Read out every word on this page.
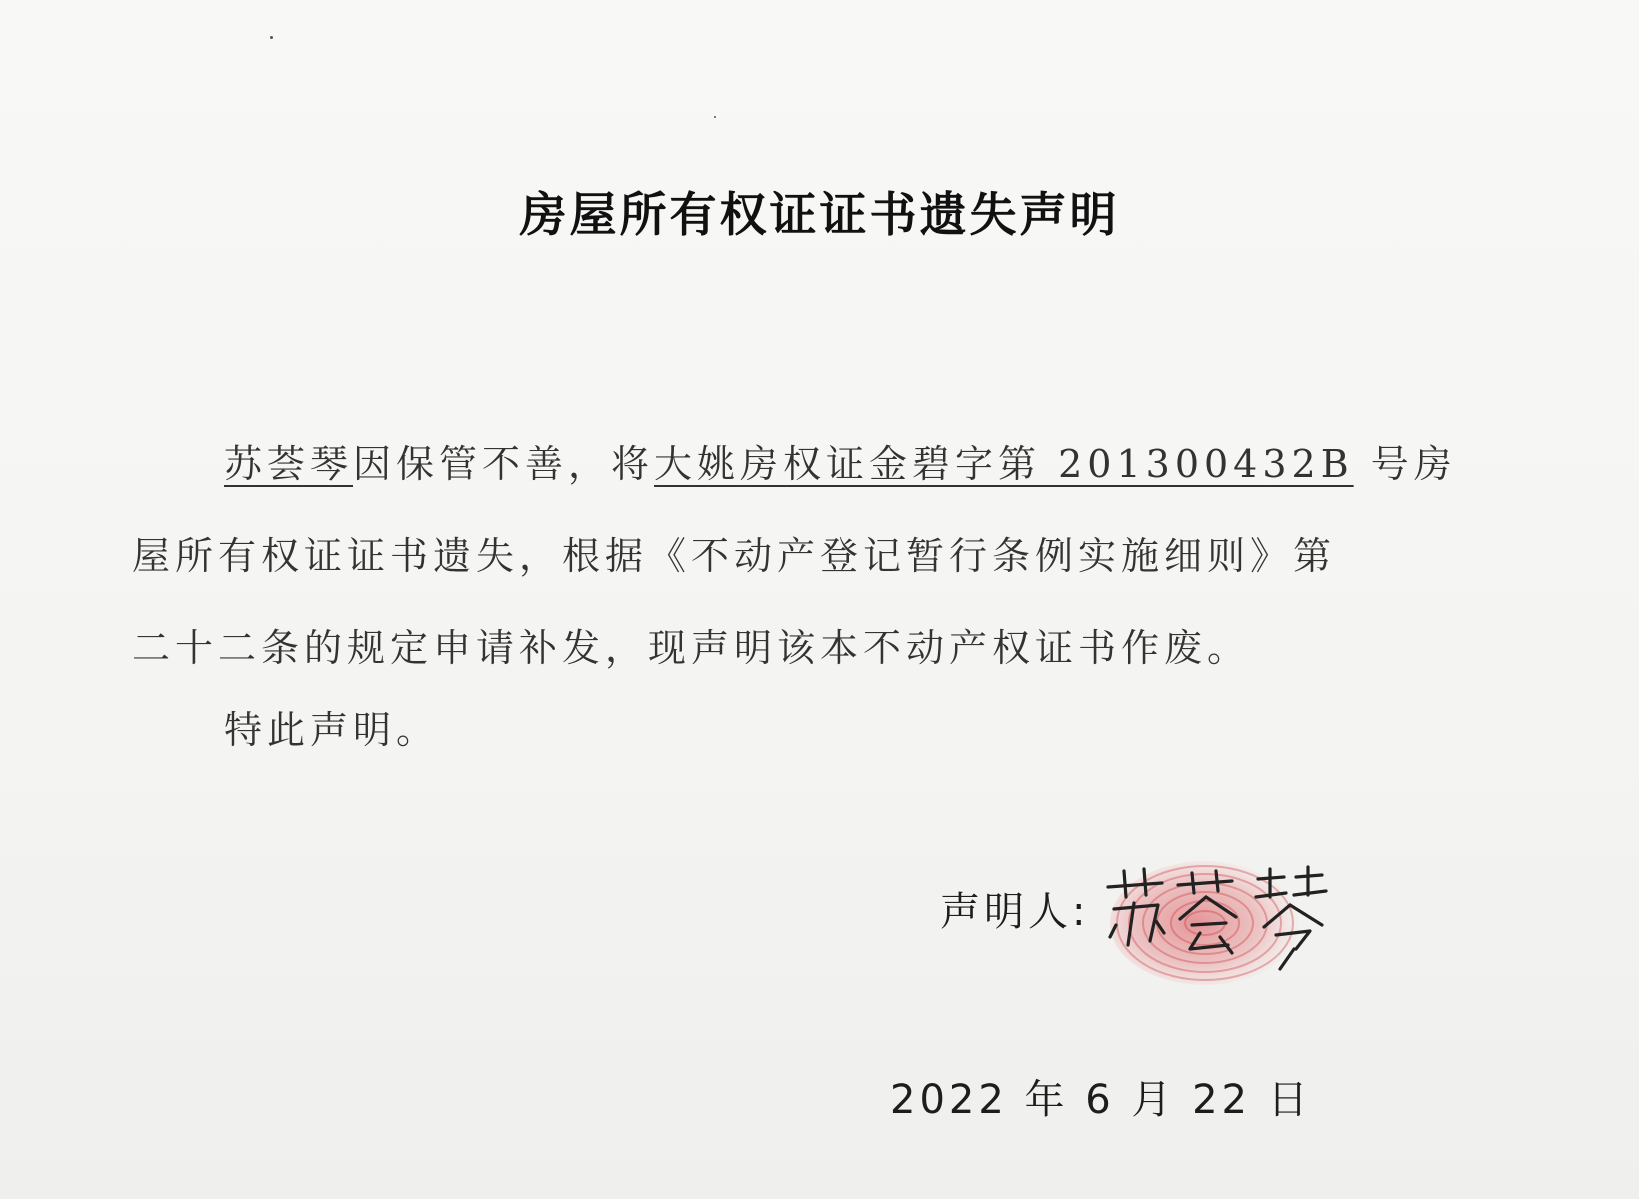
房屋所有权证证书遗失声明
苏荟琴因保管不善，将大姚房权证金碧字第 201300432B 号房
屋所有权证证书遗失，根据《不动产登记暂行条例实施细则》第
二十二条的规定申请补发，现声明该本不动产权证书作废。
特此声明。
声明人:
2022 年 6 月 22 日
